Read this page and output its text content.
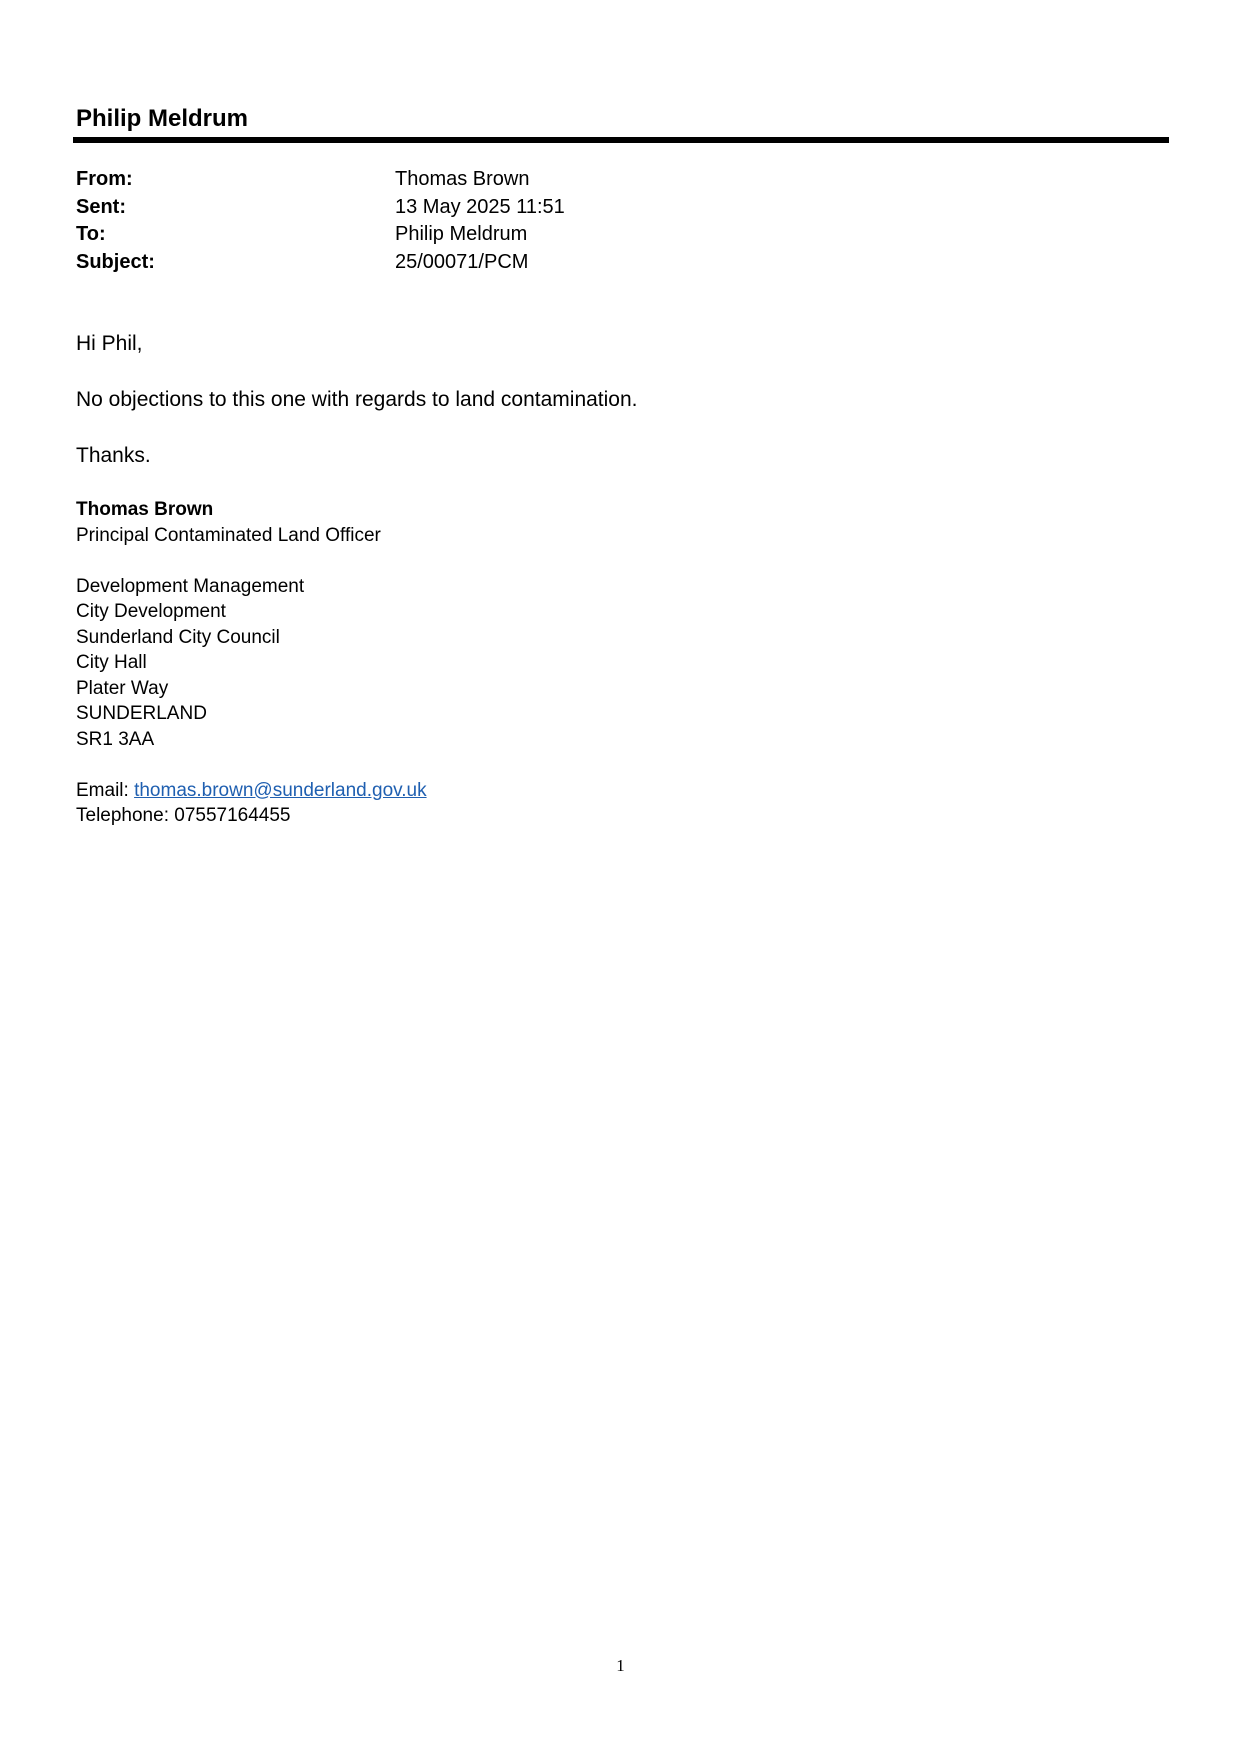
Philip Meldrum
From:	Thomas Brown
Sent:	13 May 2025 11:51
To:	Philip Meldrum
Subject:	25/00071/PCM

Hi Phil,

No objections to this one with regards to land contamination.

Thanks.

Thomas Brown
Principal Contaminated Land Officer
Development Management
City Development
Sunderland City Council
City Hall
Plater Way
SUNDERLAND
SR1 3AA
Email: thomas.brown@sunderland.gov.uk
Telephone: 07557164455
1
